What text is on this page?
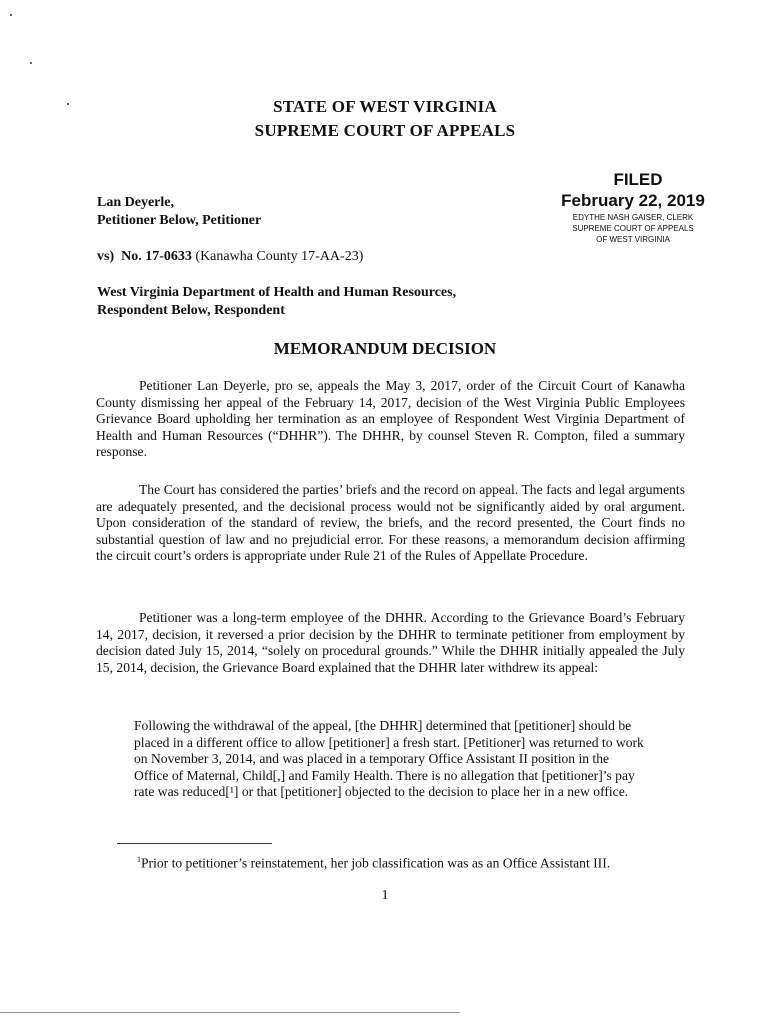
STATE OF WEST VIRGINIA
SUPREME COURT OF APPEALS
FILED
February 22, 2019
EDYTHE NASH GAISER, CLERK
SUPREME COURT OF APPEALS
OF WEST VIRGINIA
Lan Deyerle,
Petitioner Below, Petitioner
vs) No. 17-0633 (Kanawha County 17-AA-23)
West Virginia Department of Health and Human Resources,
Respondent Below, Respondent
MEMORANDUM DECISION

Petitioner Lan Deyerle, pro se, appeals the May 3, 2017, order of the Circuit Court of Kanawha County dismissing her appeal of the February 14, 2017, decision of the West Virginia Public Employees Grievance Board upholding her termination as an employee of Respondent West Virginia Department of Health and Human Resources (“DHHR”). The DHHR, by counsel Steven R. Compton, filed a summary response.

The Court has considered the parties’ briefs and the record on appeal. The facts and legal arguments are adequately presented, and the decisional process would not be significantly aided by oral argument. Upon consideration of the standard of review, the briefs, and the record presented, the Court finds no substantial question of law and no prejudicial error. For these reasons, a memorandum decision affirming the circuit court’s orders is appropriate under Rule 21 of the Rules of Appellate Procedure.

Petitioner was a long-term employee of the DHHR. According to the Grievance Board’s February 14, 2017, decision, it reversed a prior decision by the DHHR to terminate petitioner from employment by decision dated July 15, 2014, “solely on procedural grounds.” While the DHHR initially appealed the July 15, 2014, decision, the Grievance Board explained that the DHHR later withdrew its appeal:

Following the withdrawal of the appeal, [the DHHR] determined that [petitioner] should be placed in a different office to allow [petitioner] a fresh start. [Petitioner] was returned to work on November 3, 2014, and was placed in a temporary Office Assistant II position in the Office of Maternal, Child[,] and Family Health. There is no allegation that [petitioner]’s pay rate was reduced[¹] or that [petitioner] objected to the decision to place her in a new office.
$^1$Prior to petitioner’s reinstatement, her job classification was as an Office Assistant III.
1
